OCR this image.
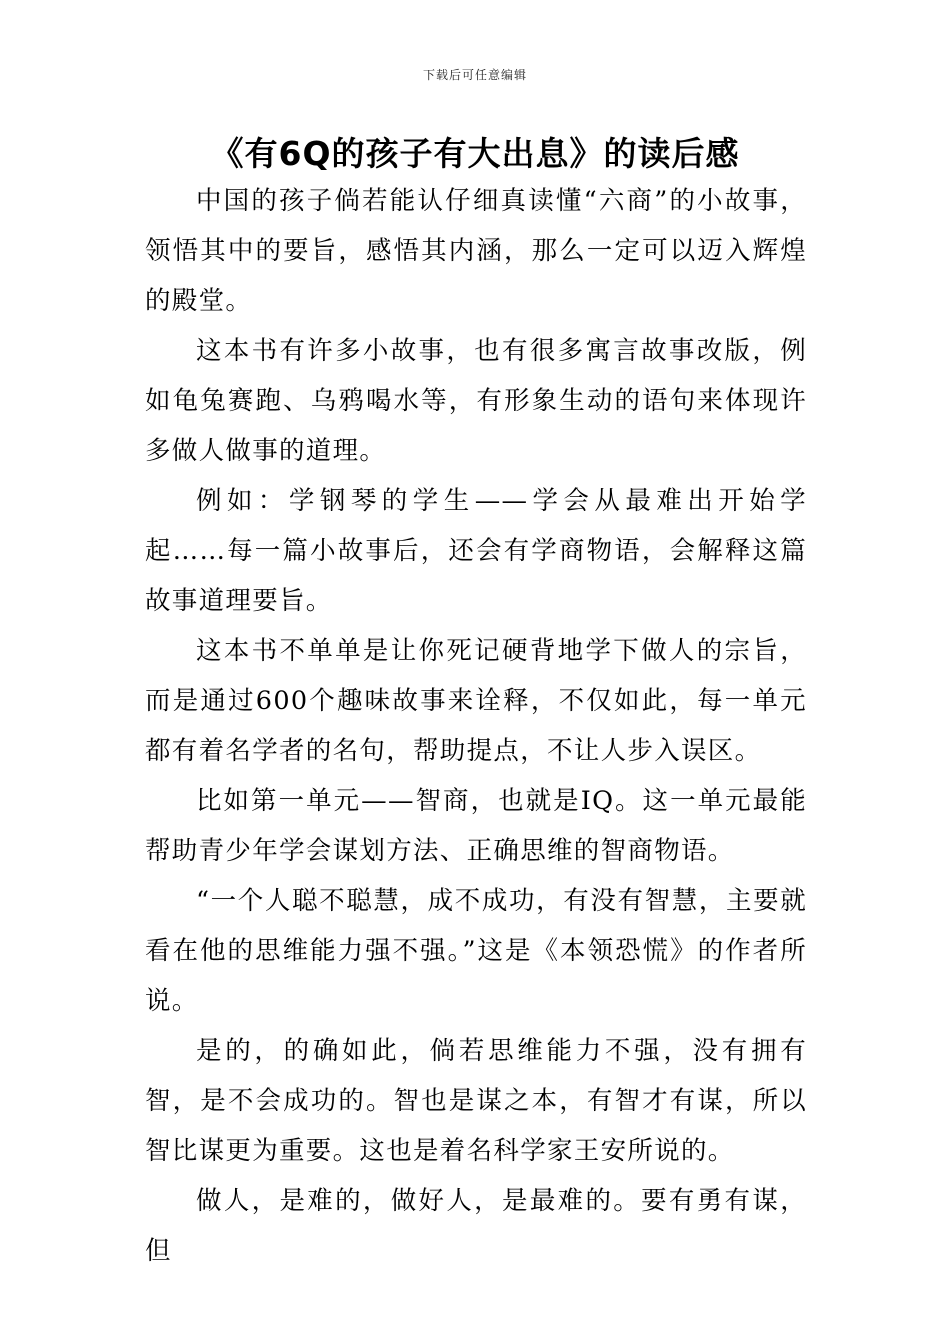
下载后可任意编辑
《有6Q的孩子有大出息》的读后感

中国的孩子倘若能认仔细真读懂“六商”的小故事，领悟其中的要旨，感悟其内涵，那么一定可以迈入辉煌的殿堂。

这本书有许多小故事，也有很多寓言故事改版，例如龟兔赛跑、乌鸦喝水等，有形象生动的语句来体现许多做人做事的道理。

例如：学钢琴的学生——学会从最难出开始学起……每一篇小故事后，还会有学商物语，会解释这篇故事道理要旨。

这本书不单单是让你死记硬背地学下做人的宗旨，而是通过600个趣味故事来诠释，不仅如此，每一单元都有着名学者的名句，帮助提点，不让人步入误区。

比如第一单元——智商，也就是IQ。这一单元最能帮助青少年学会谋划方法、正确思维的智商物语。

“一个人聪不聪慧，成不成功，有没有智慧，主要就看在他的思维能力强不强。”这是《本领恐慌》的作者所说。

是的，的确如此，倘若思维能力不强，没有拥有智，是不会成功的。智也是谋之本，有智才有谋，所以智比谋更为重要。这也是着名科学家王安所说的。

做人，是难的，做好人，是最难的。要有勇有谋，但
